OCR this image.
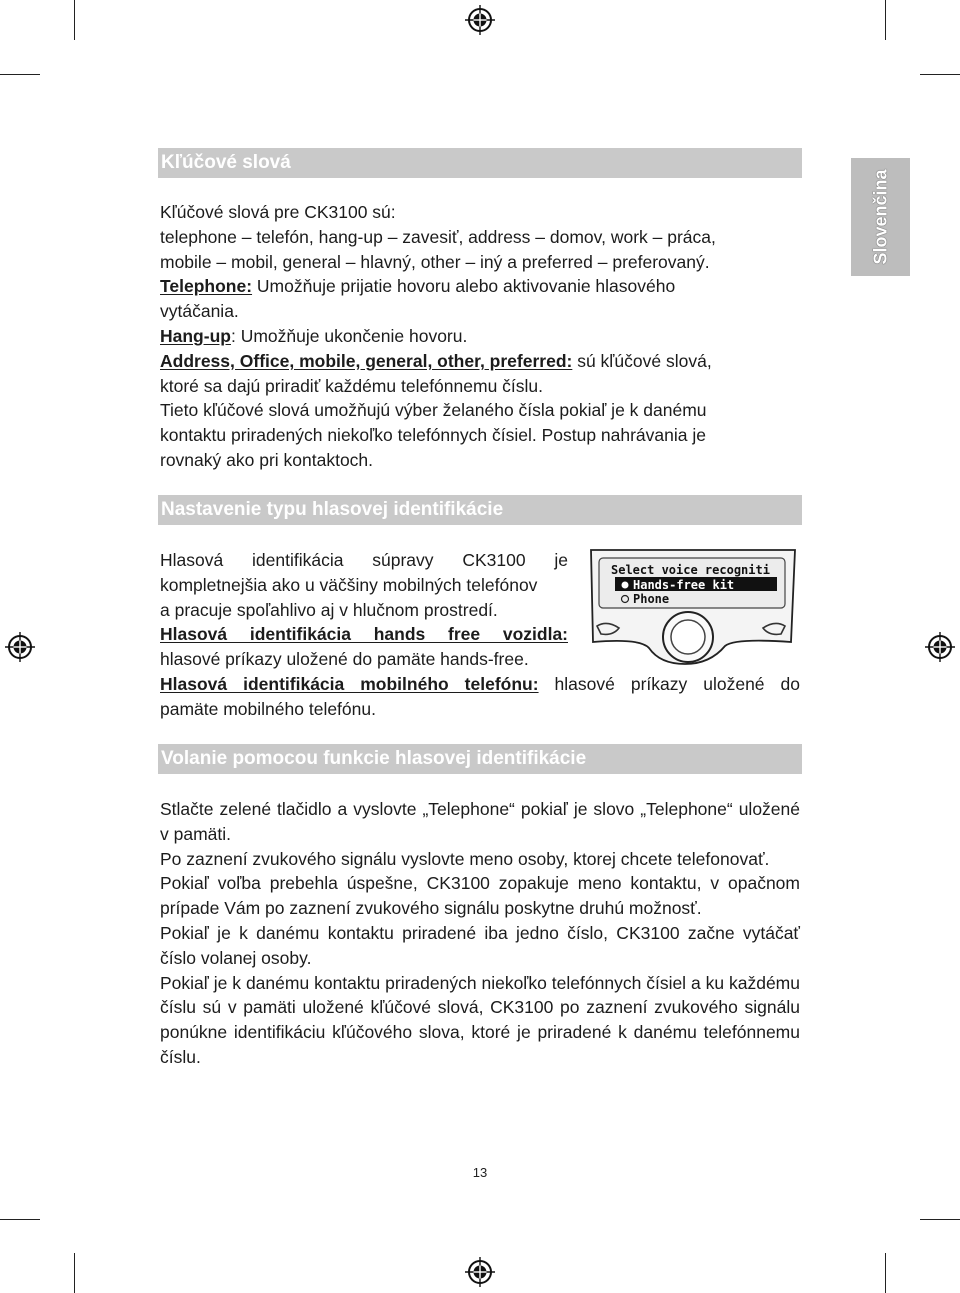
Slovenčina
Kľúčové slová

Kľúčové slová pre CK3100 sú:

telephone – telefón, hang-up – zavesiť, address – domov, work – práca,

mobile – mobil, general – hlavný, other – iný a preferred – preferovaný.

Telephone: Umožňuje prijatie hovoru alebo aktivovanie hlasového

vytáčania.

Hang-up: Umožňuje ukončenie hovoru.

Address, Office, mobile, general, other, preferred: sú kľúčové slová,

ktoré sa dajú priradiť každému telefónnemu číslu.

Tieto kľúčové slová umožňujú výber želaného čísla pokiaľ je k danému

kontaktu priradených niekoľko telefónnych čísiel. Postup nahrávania je

rovnaký ako pri kontaktoch.

Nastavenie typu hlasovej identifikácie

Hlasová identifikácia súpravy CK3100 je

kompletnejšia ako u väčšiny mobilných telefónov

a pracuje spoľahlivo aj v hlučnom prostredí.

Hlasová identifikácia hands free vozidla:

hlasové príkazy uložené do pamäte hands-free.

Hlasová identifikácia mobilného telefónu: hlasové príkazy uložené do

pamäte mobilného telefónu.

Select voice recogniti
Hands-free kit
Phone
Volanie pomocou funkcie hlasovej identifikácie

Stlačte zelené tlačidlo a vyslovte „Telephone“ pokiaľ je slovo „Telephone“ uložené v pamäti.

Po zaznení zvukového signálu vyslovte meno osoby, ktorej chcete telefonovať.

Pokiaľ voľba prebehla úspešne, CK3100 zopakuje meno kontaktu, v opačnom prípade Vám po zaznení zvukového signálu poskytne druhú možnosť.

Pokiaľ je k danému kontaktu priradené iba jedno číslo, CK3100 začne vytáčať číslo volanej osoby.

Pokiaľ je k danému kontaktu priradených niekoľko telefónnych čísiel a ku každému číslu sú v pamäti uložené kľúčové slová, CK3100 po zaznení zvukového signálu ponúkne identifikáciu kľúčového slova, ktoré je priradené k danému telefónnemu číslu.

13
